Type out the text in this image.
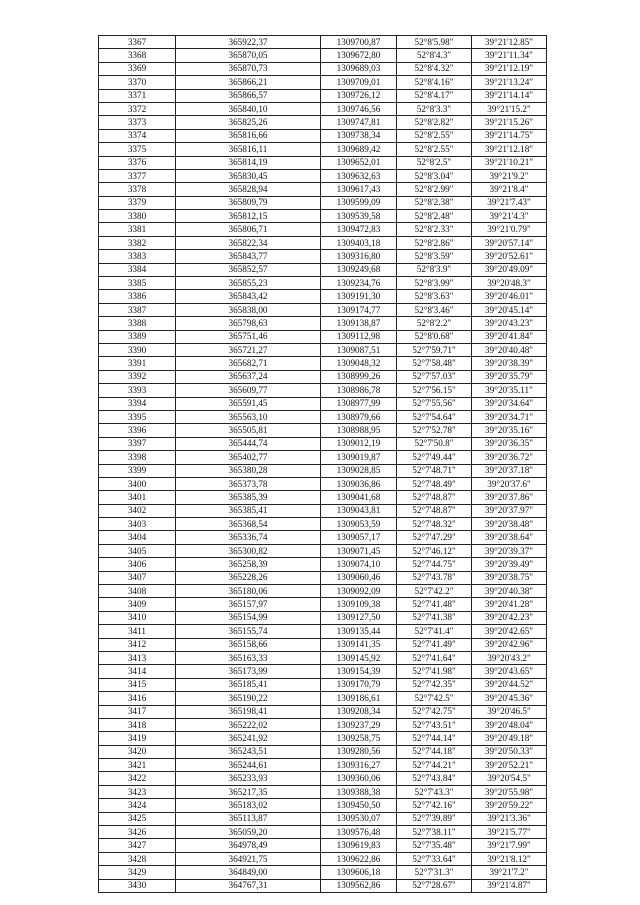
3367	365922,37	1309700,87	52°8'5.98"	39°21'12.85"
3368	365870,05	1309672,80	52°8'4.3"	39°21'11.34"
3369	365870,73	1309689,03	52°8'4.32"	39°21'12.19"
3370	365866,21	1309709,01	52°8'4.16"	39°21'13.24"
3371	365866,57	1309726,12	52°8'4.17"	39°21'14.14"
3372	365840,10	1309746,56	52°8'3.3"	39°21'15.2"
3373	365825,26	1309747,81	52°8'2.82"	39°21'15.26"
3374	365816,66	1309738,34	52°8'2.55"	39°21'14.75"
3375	365816,11	1309689,42	52°8'2.55"	39°21'12.18"
3376	365814,19	1309652,01	52°8'2.5"	39°21'10.21"
3377	365830,45	1309632,63	52°8'3.04"	39°21'9.2"
3378	365828,94	1309617,43	52°8'2.99"	39°21'8.4"
3379	365809,79	1309599,09	52°8'2.38"	39°21'7.43"
3380	365812,15	1309539,58	52°8'2.48"	39°21'4.3"
3381	365806,71	1309472,83	52°8'2.33"	39°21'0.79"
3382	365822,34	1309403,18	52°8'2.86"	39°20'57.14"
3383	365843,77	1309316,80	52°8'3.59"	39°20'52.61"
3384	365852,57	1309249,68	52°8'3.9"	39°20'49.09"
3385	365855,23	1309234,76	52°8'3.99"	39°20'48.3"
3386	365843,42	1309191,30	52°8'3.63"	39°20'46.01"
3387	365838,00	1309174,77	52°8'3.46"	39°20'45.14"
3388	365798,63	1309138,87	52°8'2.2"	39°20'43.23"
3389	365751,46	1309112,98	52°8'0.68"	39°20'41.84"
3390	365721,27	1309087,51	52°7'59.71"	39°20'40.48"
3391	365682,71	1309048,32	52°7'58.48"	39°20'38.39"
3392	365637,24	1308999,26	52°7'57.03"	39°20'35.79"
3393	365609,77	1308986,78	52°7'56.15"	39°20'35.11"
3394	365591,45	1308977,99	52°7'55.56"	39°20'34.64"
3395	365563,10	1308979,66	52°7'54.64"	39°20'34.71"
3396	365505,81	1308988,95	52°7'52.78"	39°20'35.16"
3397	365444,74	1309012,19	52°7'50.8"	39°20'36.35"
3398	365402,77	1309019,87	52°7'49.44"	39°20'36.72"
3399	365380,28	1309028,85	52°7'48.71"	39°20'37.18"
3400	365373,78	1309036,86	52°7'48.49"	39°20'37.6"
3401	365385,39	1309041,68	52°7'48.87"	39°20'37.86"
3402	365385,41	1309043,81	52°7'48.87"	39°20'37.97"
3403	365368,54	1309053,59	52°7'48.32"	39°20'38.48"
3404	365336,74	1309057,17	52°7'47.29"	39°20'38.64"
3405	365300,82	1309071,45	52°7'46.12"	39°20'39.37"
3406	365258,39	1309074,10	52°7'44.75"	39°20'39.49"
3407	365228,26	1309060,46	52°7'43.78"	39°20'38.75"
3408	365180,06	1309092,09	52°7'42.2"	39°20'40.38"
3409	365157,97	1309109,38	52°7'41.48"	39°20'41.28"
3410	365154,99	1309127,50	52°7'41.38"	39°20'42.23"
3411	365155,74	1309135,44	52°7'41.4"	39°20'42.65"
3412	365158,66	1309141,35	52°7'41.49"	39°20'42.96"
3413	365163,33	1309145,92	52°7'41.64"	39°20'43.2"
3414	365173,99	1309154,39	52°7'41.98"	39°20'43.65"
3415	365185,41	1309170,79	52°7'42.35"	39°20'44.52"
3416	365190,22	1309186,61	52°7'42.5"	39°20'45.36"
3417	365198,41	1309208,34	52°7'42.75"	39°20'46.5"
3418	365222,02	1309237,29	52°7'43.51"	39°20'48.04"
3419	365241,92	1309258,75	52°7'44.14"	39°20'49.18"
3420	365243,51	1309280,56	52°7'44.18"	39°20'50.33"
3421	365244,61	1309316,27	52°7'44.21"	39°20'52.21"
3422	365233,93	1309360,06	52°7'43.84"	39°20'54.5"
3423	365217,35	1309388,38	52°7'43.3"	39°20'55.98"
3424	365183,02	1309450,50	52°7'42.16"	39°20'59.22"
3425	365113,87	1309530,07	52°7'39.89"	39°21'3.36"
3426	365059,20	1309576,48	52°7'38.11"	39°21'5.77"
3427	364978,49	1309619,83	52°7'35.48"	39°21'7.99"
3428	364921,75	1309622,86	52°7'33.64"	39°21'8.12"
3429	364849,00	1309606,18	52°7'31.3"	39°21'7.2"
3430	364767,31	1309562,86	52°7'28.67"	39°21'4.87"
